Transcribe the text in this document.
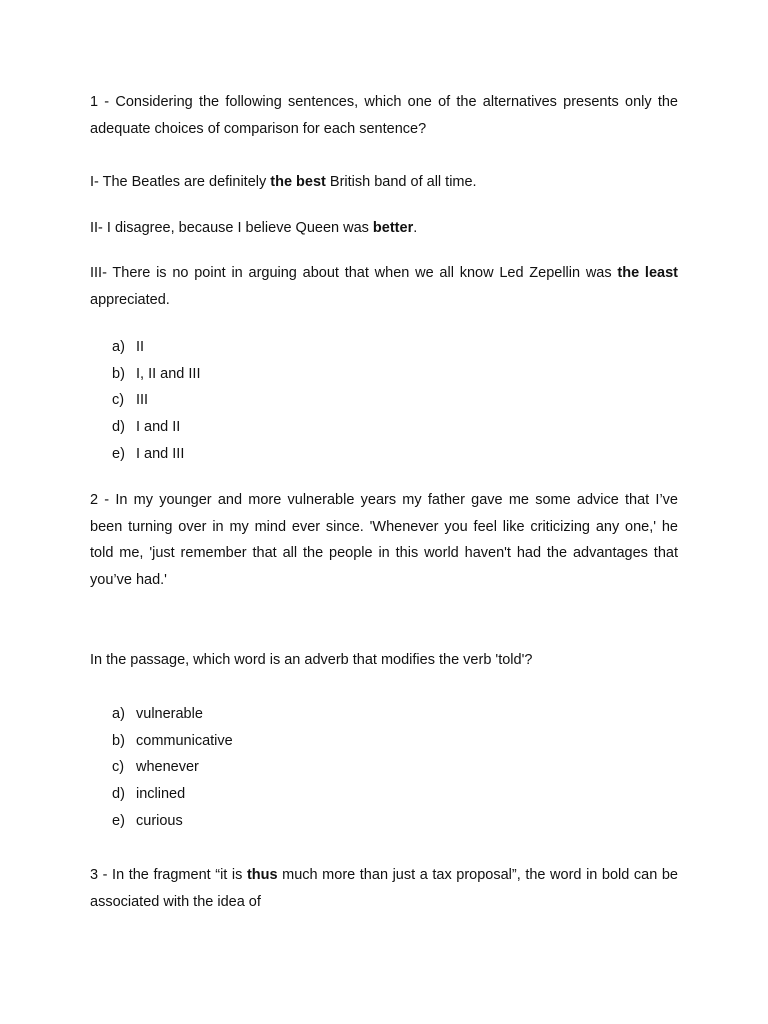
1 - Considering the following sentences, which one of the alternatives presents only the adequate choices of comparison for each sentence?

I- The Beatles are definitely the best British band of all time.

II- I disagree, because I believe Queen was better.

III- There is no point in arguing about that when we all know Led Zepellin was the least appreciated.

a) II
b) I, II and III
c) III
d) I and II
e) I and III

2 - In my younger and more vulnerable years my father gave me some advice that I’ve been turning over in my mind ever since. 'Whenever you feel like criticizing any one,' he told me, 'just remember that all the people in this world haven't had the advantages that you’ve had.'

In the passage, which word is an adverb that modifies the verb 'told'?

a) vulnerable
b) communicative
c) whenever
d) inclined
e) curious

3 - In the fragment “it is thus much more than just a tax proposal”, the word in bold can be associated with the idea of
